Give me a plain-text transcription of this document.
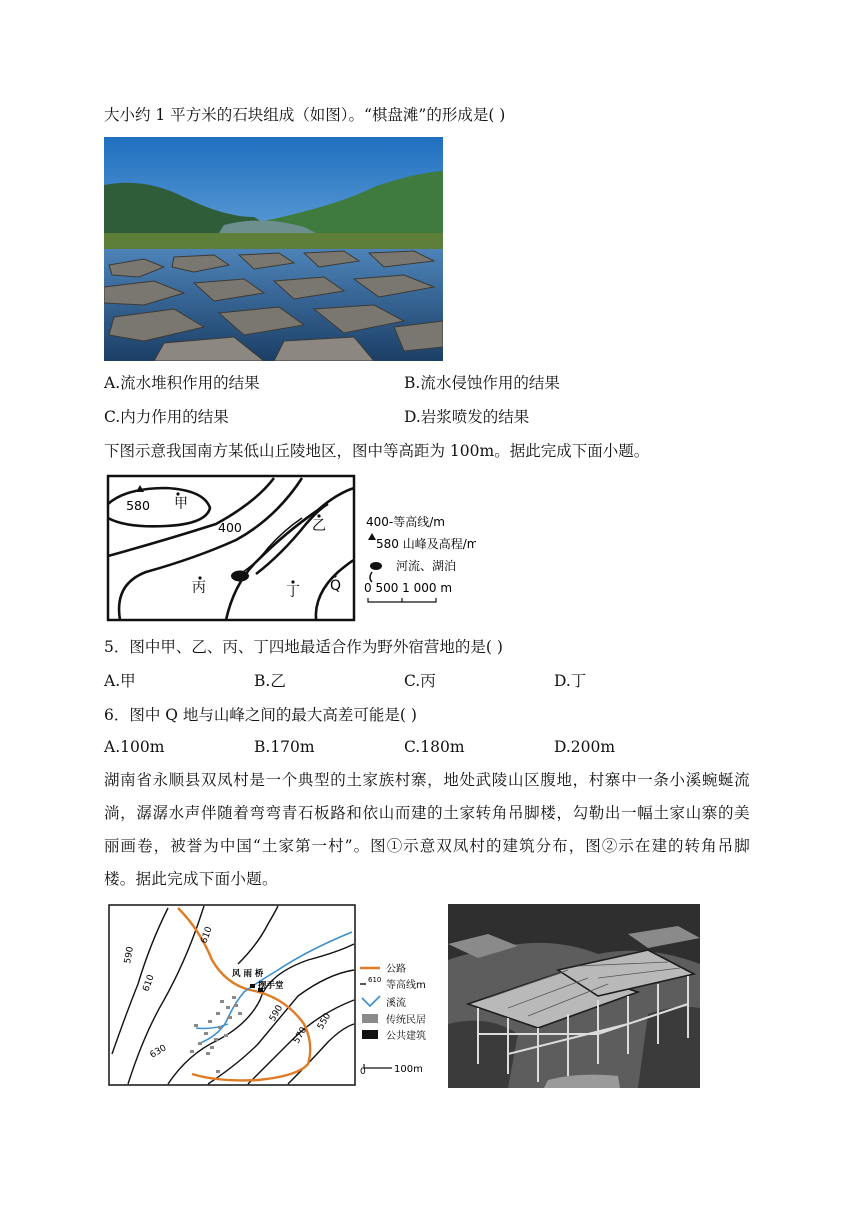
大小约 1 平方米的石块组成（如图）。“棋盘滩”的形成是( )
A.流水堆积作用的结果	B.流水侵蚀作用的结果
C.内力作用的结果	D.岩浆喷发的结果
下图示意我国南方某低山丘陵地区，图中等高距为 100m。据此完成下面小题。
580 甲
400	乙
丙	丁 Q
400-等高线/m
580 山峰及高程/m
河流、湖泊
0 500 1 000 m
5．图中甲、乙、丙、丁四地最适合作为野外宿营地的是( )
A.甲	B.乙	C.丙	D.丁
6．图中 Q 地与山峰之间的最大高差可能是( )
A.100m	B.170m	C.180m	D.200m
湖南省永顺县双凤村是一个典型的土家族村寨，地处武陵山区腹地，村寨中一条小溪蜿蜒流淌，潺潺水声伴随着弯弯青石板路和依山而建的土家转角吊脚楼，勾勒出一幅土家山寨的美丽画卷，被誉为中国“土家第一村”。图①示意双凤村的建筑分布，图②示在建的转角吊脚楼。据此完成下面小题。
590
610
610
590
570
550
630
风 雨 桥
摆手堂
公路
610 等高线m
溪流
传统民居
公共建筑
0	100m
